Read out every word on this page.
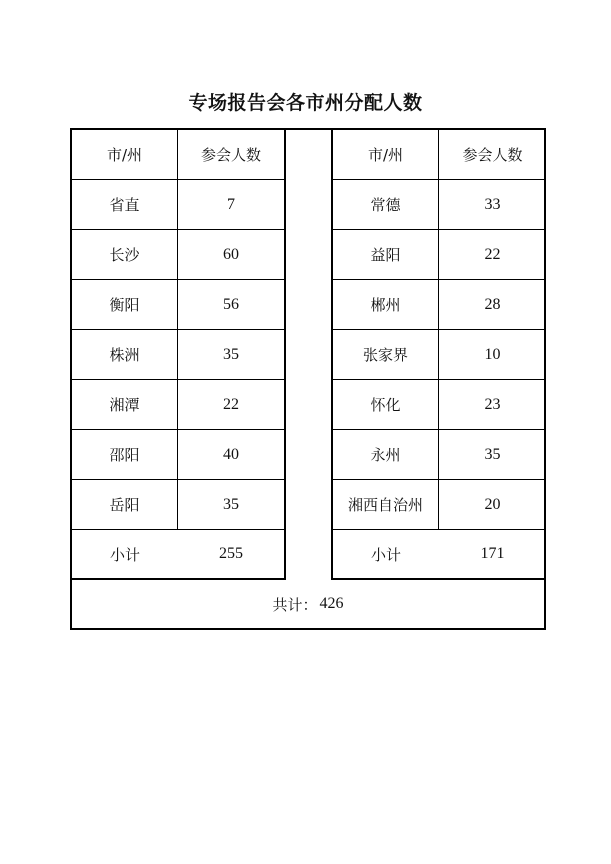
专场报告会各市州分配人数
市/州	参会人数
省直	7
长沙	60
衡阳	56
株洲	35
湘潭	22
邵阳	40
岳阳	35
小计	255
市/州	参会人数
常德	33
益阳	22
郴州	28
张家界	10
怀化	23
永州	35
湘西自治州	20
小计	171
共计： 426
